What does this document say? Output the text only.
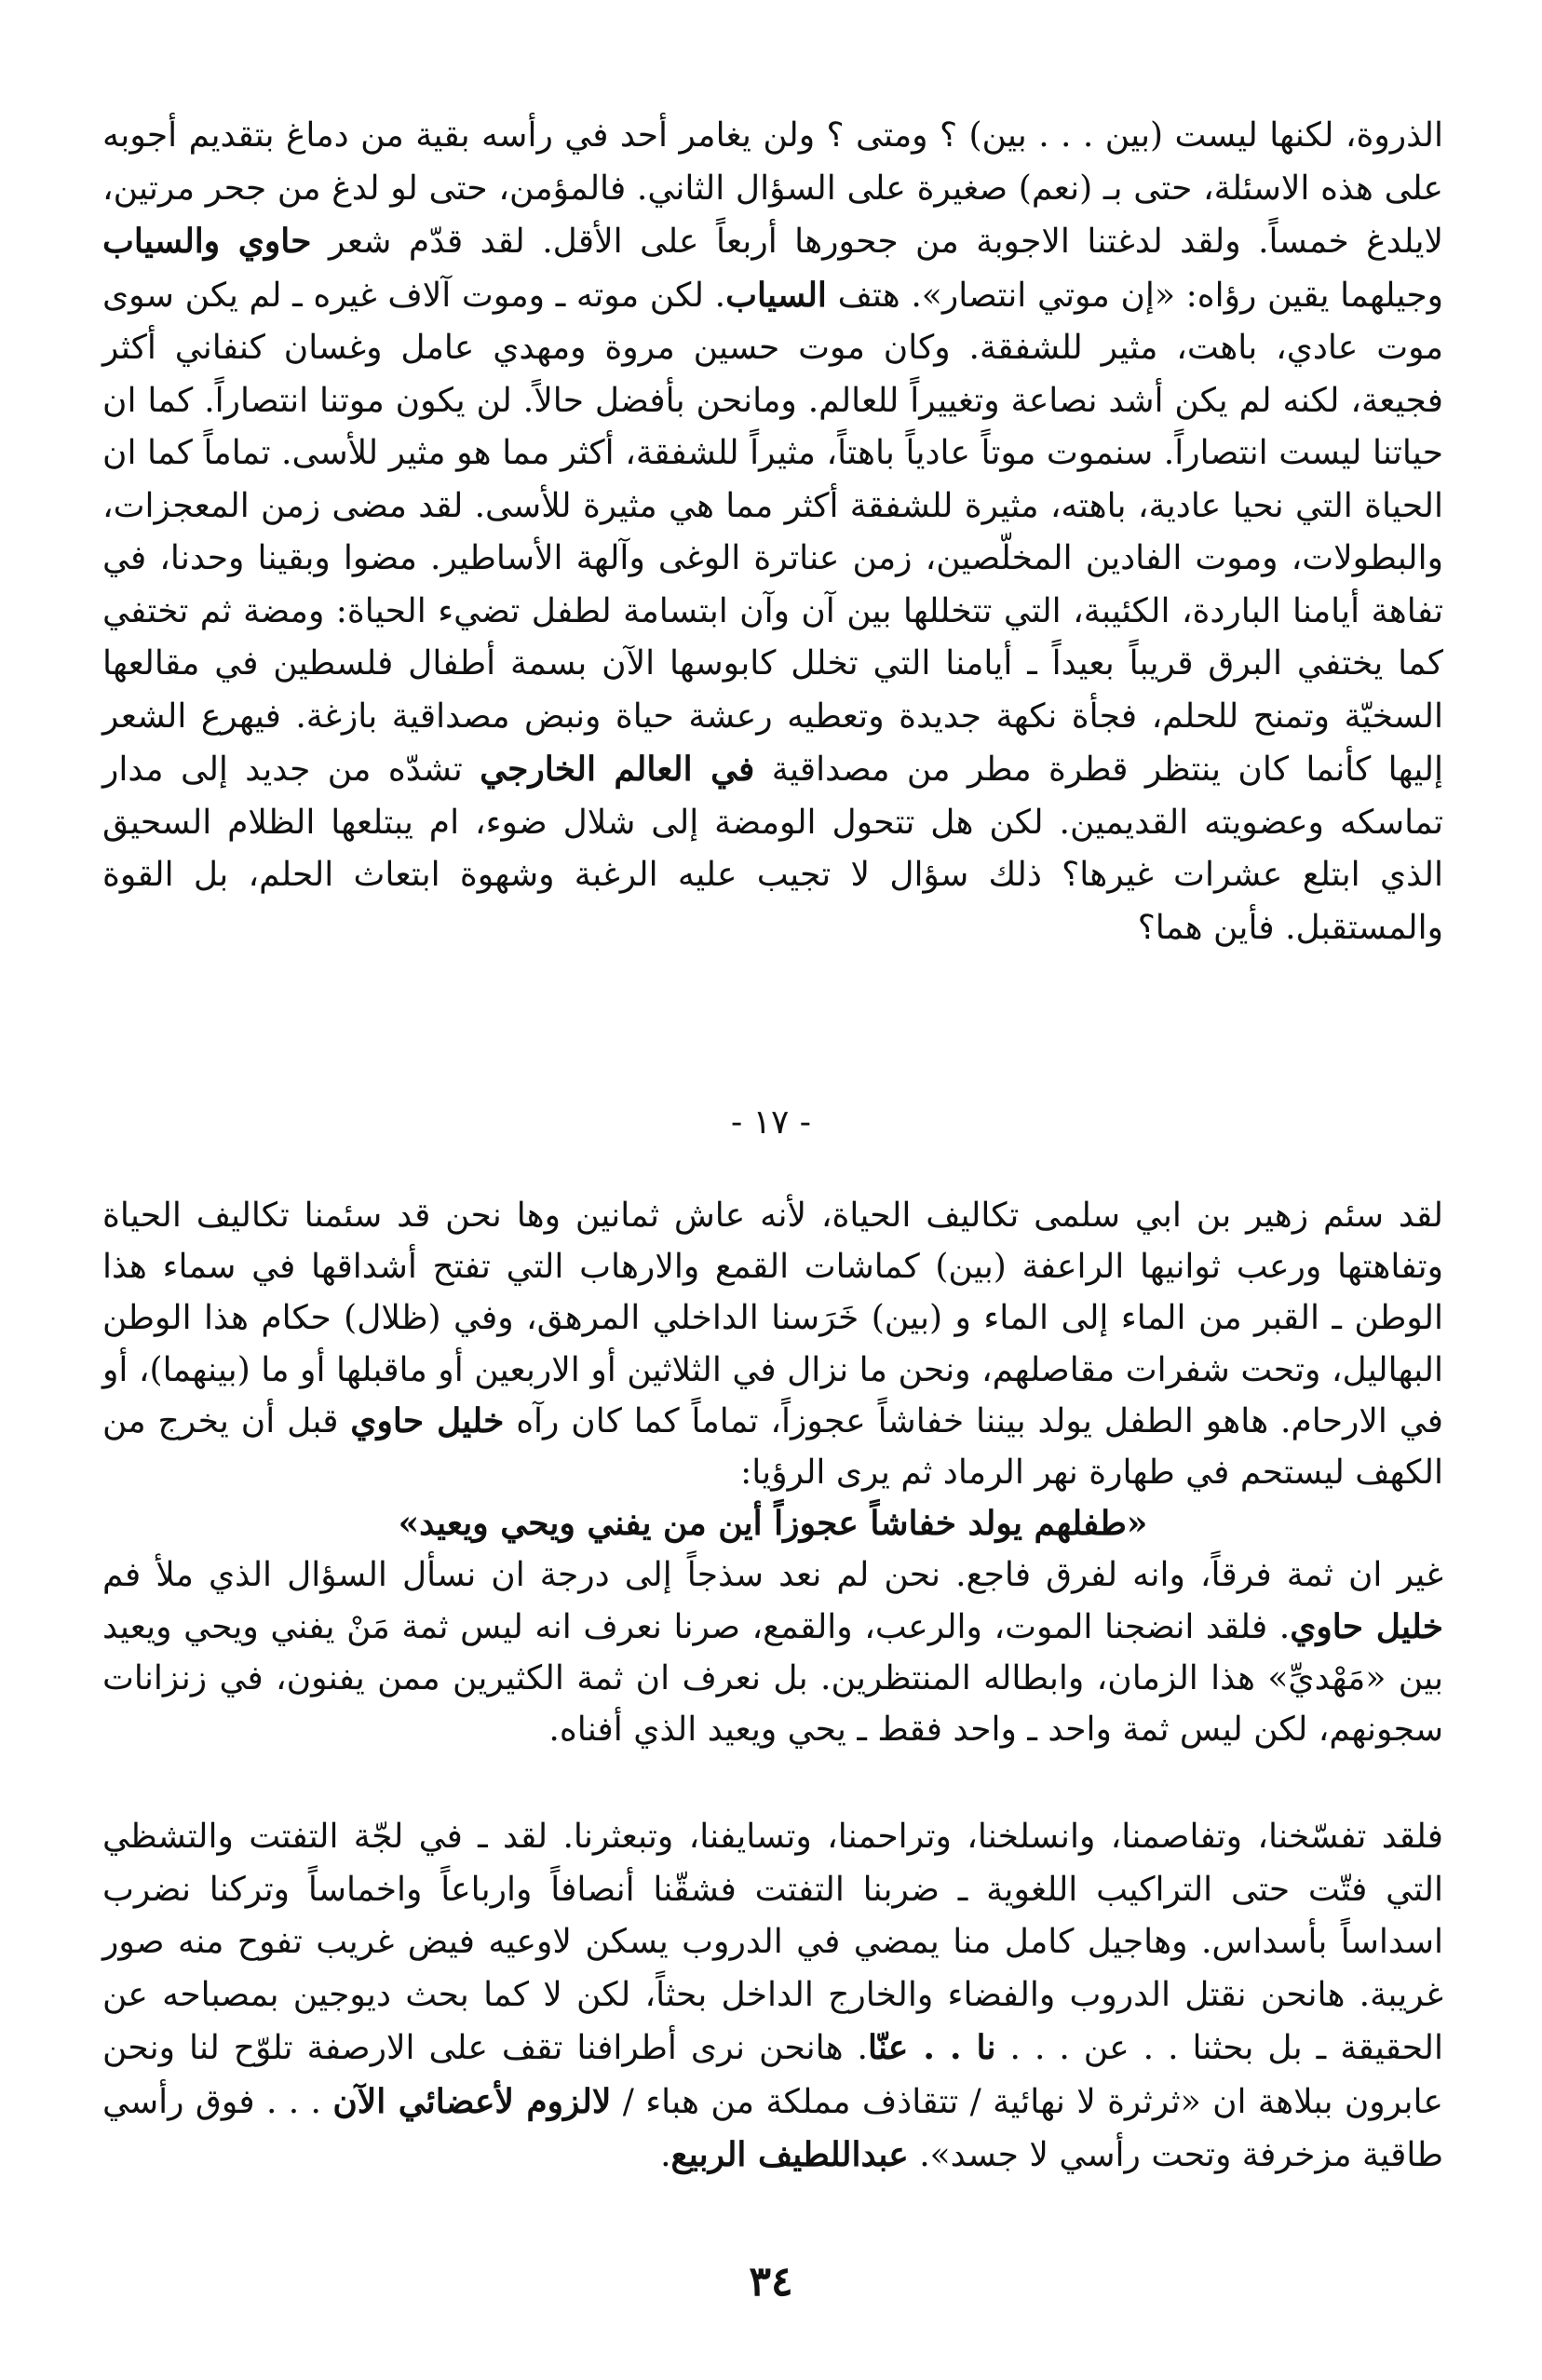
الذروة، لكنها ليست (بين . . . بين) ؟ ومتى ؟ ولن يغامر أحد في رأسه بقية من دماغ بتقديم أجوبه على هذه الاسئلة، حتى بـ (نعم) صغيرة على السؤال الثاني. فالمؤمن، حتى لو لدغ من جحر مرتين، لايلدغ خمساً. ولقد لدغتنا الاجوبة من جحورها أربعاً على الأقل. لقد قدّم شعر حاوي والسياب وجيلهما يقين رؤاه: «إن موتي انتصار». هتف السياب. لكن موته ـ وموت آلاف غيره ـ لم يكن سوى موت عادي، باهت، مثير للشفقة. وكان موت حسين مروة ومهدي عامل وغسان كنفاني أكثر فجيعة، لكنه لم يكن أشد نصاعة وتغييراً للعالم. ومانحن بأفضل حالاً. لن يكون موتنا انتصاراً. كما ان حياتنا ليست انتصاراً. سنموت موتاً عادياً باهتاً، مثيراً للشفقة، أكثر مما هو مثير للأسى. تماماً كما ان الحياة التي نحيا عادية، باهته، مثيرة للشفقة أكثر مما هي مثيرة للأسى. لقد مضى زمن المعجزات، والبطولات، وموت الفادين المخلّصين، زمن عناترة الوغى وآلهة الأساطير. مضوا وبقينا وحدنا، في تفاهة أيامنا الباردة، الكئيبة، التي تتخللها بين آن وآن ابتسامة لطفل تضيء الحياة: ومضة ثم تختفي كما يختفي البرق قريباً بعيداً ـ أيامنا التي تخلل كابوسها الآن بسمة أطفال فلسطين في مقالعها السخيّة وتمنح للحلم، فجأة نكهة جديدة وتعطيه رعشة حياة ونبض مصداقية بازغة. فيهرع الشعر إليها كأنما كان ينتظر قطرة مطر من مصداقية في العالم الخارجي تشدّه من جديد إلى مدار تماسكه وعضويته القديمين. لكن هل تتحول الومضة إلى شلال ضوء، ام يبتلعها الظلام السحيق الذي ابتلع عشرات غيرها؟ ذلك سؤال لا تجيب عليه الرغبة وشهوة ابتعاث الحلم، بل القوة والمستقبل. فأين هما؟

- ١٧ -

لقد سئم زهير بن ابي سلمى تكاليف الحياة، لأنه عاش ثمانين وها نحن قد سئمنا تكاليف الحياة وتفاهتها ورعب ثوانيها الراعفة (بين) كماشات القمع والارهاب التي تفتح أشداقها في سماء هذا الوطن ـ القبر من الماء إلى الماء و (بين) خَرَسنا الداخلي المرهق، وفي (ظلال) حكام هذا الوطن البهاليل، وتحت شفرات مقاصلهم، ونحن ما نزال في الثلاثين أو الاربعين أو ماقبلها أو ما (بينهما)، أو في الارحام. هاهو الطفل يولد بيننا خفاشاً عجوزاً، تماماً كما كان رآه خليل حاوي قبل أن يخرج من الكهف ليستحم في طهارة نهر الرماد ثم يرى الرؤيا:

«طفلهم يولد خفاشاً عجوزاً أين من يفني ويحي ويعيد»

غير ان ثمة فرقاً، وانه لفرق فاجع. نحن لم نعد سذجاً إلى درجة ان نسأل السؤال الذي ملأ فم خليل حاوي. فلقد انضجنا الموت، والرعب، والقمع، صرنا نعرف انه ليس ثمة مَنْ يفني ويحي ويعيد بين «مَهْديِّ» هذا الزمان، وابطاله المنتظرين. بل نعرف ان ثمة الكثيرين ممن يفنون، في زنزانات سجونهم، لكن ليس ثمة واحد ـ واحد فقط ـ يحي ويعيد الذي أفناه.

فلقد تفسّخنا، وتفاصمنا، وانسلخنا، وتراحمنا، وتسايفنا، وتبعثرنا. لقد ـ في لجّة التفتت والتشظي التي فتّت حتى التراكيب اللغوية ـ ضربنا التفتت فشقّنا أنصافاً وارباعاً واخماساً وتركنا نضرب اسداساً بأسداس. وهاجيل كامل منا يمضي في الدروب يسكن لاوعيه فيض غريب تفوح منه صور غريبة. هانحن نقتل الدروب والفضاء والخارج الداخل بحثاً، لكن لا كما بحث ديوجين بمصباحه عن الحقيقة ـ بل بحثنا . . عن . . . نا . . عنّا. هانحن نرى أطرافنا تقف على الارصفة تلوّح لنا ونحن عابرون ببلاهة ان «ثرثرة لا نهائية / تتقاذف مملكة من هباء / لالزوم لأعضائي الآن . . . فوق رأسي طاقية مزخرفة وتحت رأسي لا جسد». عبداللطيف الربيع.

٣٤
